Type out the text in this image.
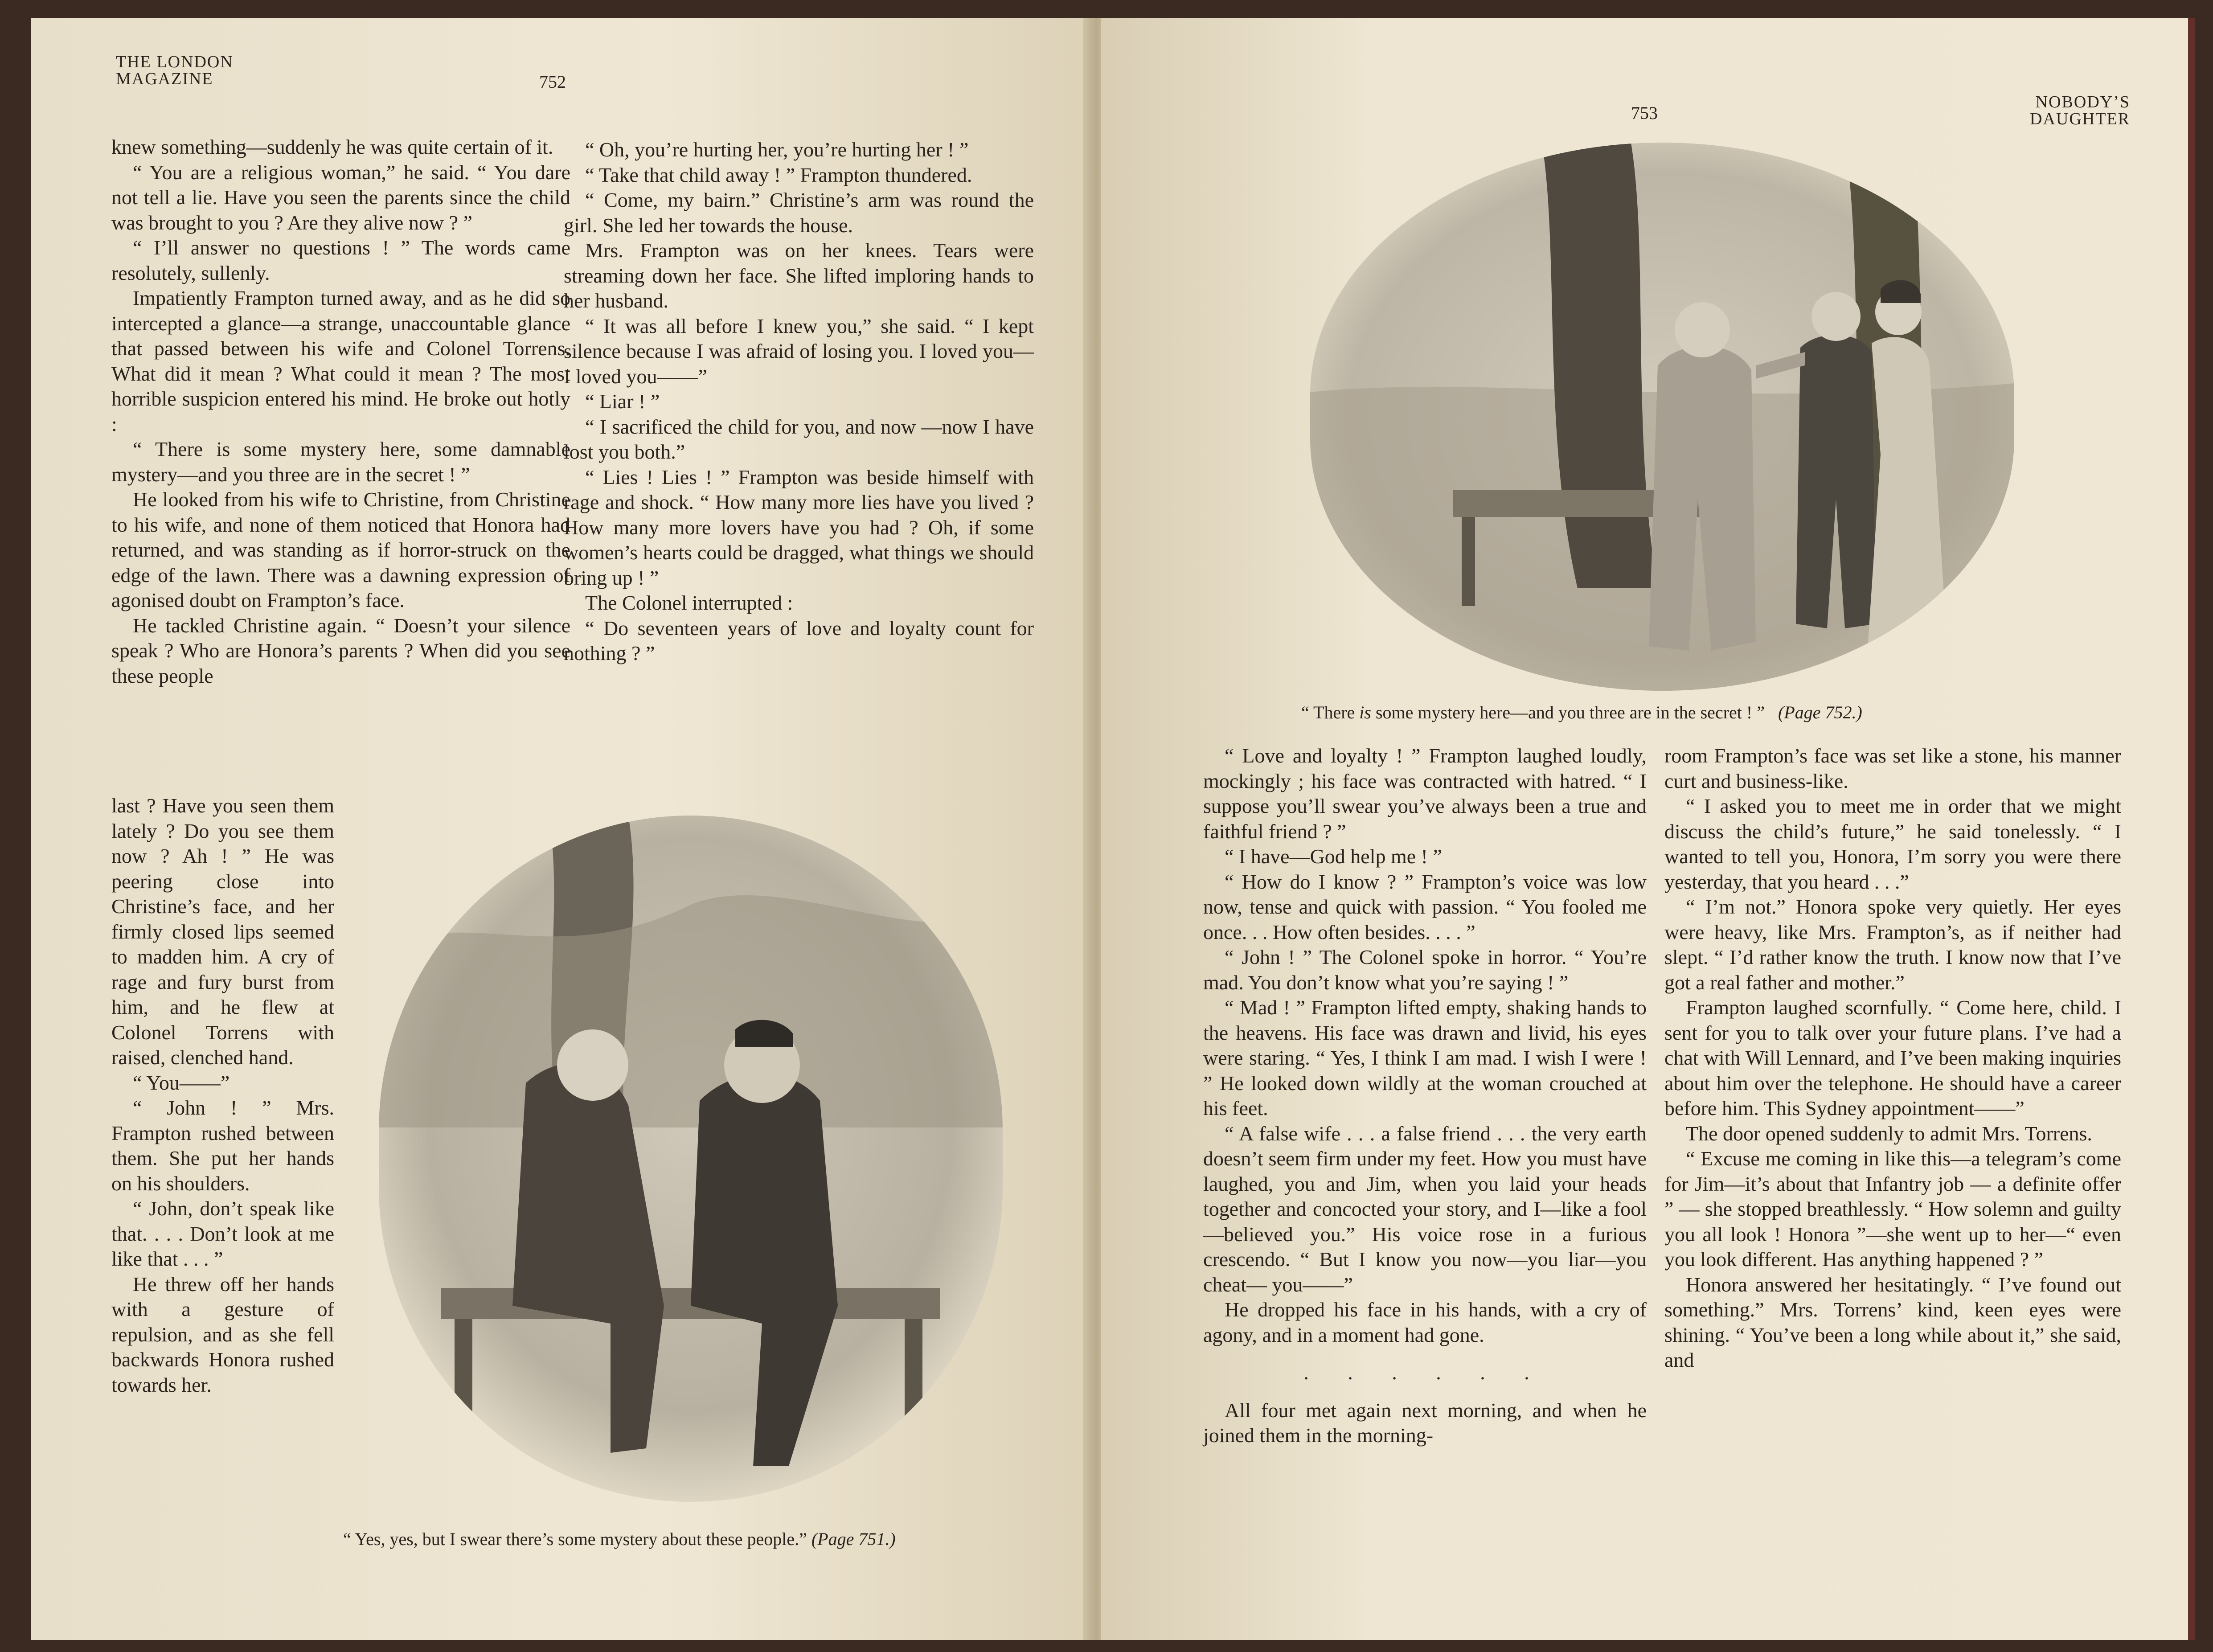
THE LONDON
MAGAZINE	752

knew something—suddenly he was quite certain of it.

“ You are a religious woman,” he said. “ You dare not tell a lie. Have you seen the parents since the child was brought to you ? Are they alive now ? ”

“ I’ll answer no questions ! ” The words came resolutely, sullenly.

Impatiently Frampton turned away, and as he did so intercepted a glance—a strange, unaccountable glance that passed between his wife and Colonel Torrens. What did it mean ? What could it mean ? The most horrible suspicion entered his mind. He broke out hotly :

“ There is some mystery here, some damnable mystery—and you three are in the secret ! ”

He looked from his wife to Christine, from Christine to his wife, and none of them noticed that Honora had returned, and was standing as if horror-struck on the edge of the lawn. There was a dawning expression of agonised doubt on Frampton’s face.

He tackled Christine again. “ Doesn’t your silence speak ? Who are Honora’s parents ? When did you see these people

last ? Have you seen them lately ? Do you see them now ? Ah ! ” He was peering close into Christine’s face, and her firmly closed lips seemed to madden him. A cry of rage and fury burst from him, and he flew at Colonel Torrens with raised, clenched hand.

“ You——”

“ John ! ” Mrs. Frampton rushed between them. She put her hands on his shoulders.

“ John, don’t speak like that. . . . Don’t look at me like that . . . ”

He threw off her hands with a gesture of repulsion, and as she fell backwards Honora rushed towards her.

“ Oh, you’re hurting her, you’re hurting her ! ”

“ Take that child away ! ” Frampton thundered.

“ Come, my bairn.” Christine’s arm was round the girl. She led her towards the house.

Mrs. Frampton was on her knees. Tears were streaming down her face. She lifted imploring hands to her husband.

“ It was all before I knew you,” she said. “ I kept silence because I was afraid of losing you. I loved you—I loved you——”

“ Liar ! ”

“ I sacrificed the child for you, and now —now I have lost you both.”

“ Lies ! Lies ! ” Frampton was beside himself with rage and shock. “ How many more lies have you lived ? How many more lovers have you had ? Oh, if some women’s hearts could be dragged, what things we should bring up ! ”

The Colonel interrupted :

“ Do seventeen years of love and loyalty count for nothing ? ”

“ Yes, yes, but I swear there’s some mystery about these people.” (Page 751.)
753
NOBODY’S
DAUGHTER
“ There is some mystery here—and you three are in the secret ! ” (Page 752.)

“ Love and loyalty ! ” Frampton laughed loudly, mockingly ; his face was contracted with hatred. “ I suppose you’ll swear you’ve always been a true and faithful friend ? ”

“ I have—God help me ! ”

“ How do I know ? ” Frampton’s voice was low now, tense and quick with passion. “ You fooled me once. . . How often besides. . . . ”

“ John ! ” The Colonel spoke in horror. “ You’re mad. You don’t know what you’re saying ! ”

“ Mad ! ” Frampton lifted empty, shaking hands to the heavens. His face was drawn and livid, his eyes were staring. “ Yes, I think I am mad. I wish I were ! ” He looked down wildly at the woman crouched at his feet.

“ A false wife . . . a false friend . . . the very earth doesn’t seem firm under my feet. How you must have laughed, you and Jim, when you laid your heads together and concocted your story, and I—like a fool—believed you.” His voice rose in a furious crescendo. “ But I know you now—you liar—you cheat— you——”

He dropped his face in his hands, with a cry of agony, and in a moment had gone.

. . . . . .

All four met again next morning, and when he joined them in the morning-

room Frampton’s face was set like a stone, his manner curt and business-like.

“ I asked you to meet me in order that we might discuss the child’s future,” he said tonelessly. “ I wanted to tell you, Honora, I’m sorry you were there yesterday, that you heard . . .”

“ I’m not.” Honora spoke very quietly. Her eyes were heavy, like Mrs. Frampton’s, as if neither had slept. “ I’d rather know the truth. I know now that I’ve got a real father and mother.”

Frampton laughed scornfully. “ Come here, child. I sent for you to talk over your future plans. I’ve had a chat with Will Lennard, and I’ve been making inquiries about him over the telephone. He should have a career before him. This Sydney appointment——”

The door opened suddenly to admit Mrs. Torrens.

“ Excuse me coming in like this—a telegram’s come for Jim—it’s about that Infantry job — a definite offer ” — she stopped breathlessly. “ How solemn and guilty you all look ! Honora ”—she went up to her—“ even you look different. Has anything happened ? ”

Honora answered her hesitatingly. “ I’ve found out something.” Mrs. Torrens’ kind, keen eyes were shining. “ You’ve been a long while about it,” she said, and
